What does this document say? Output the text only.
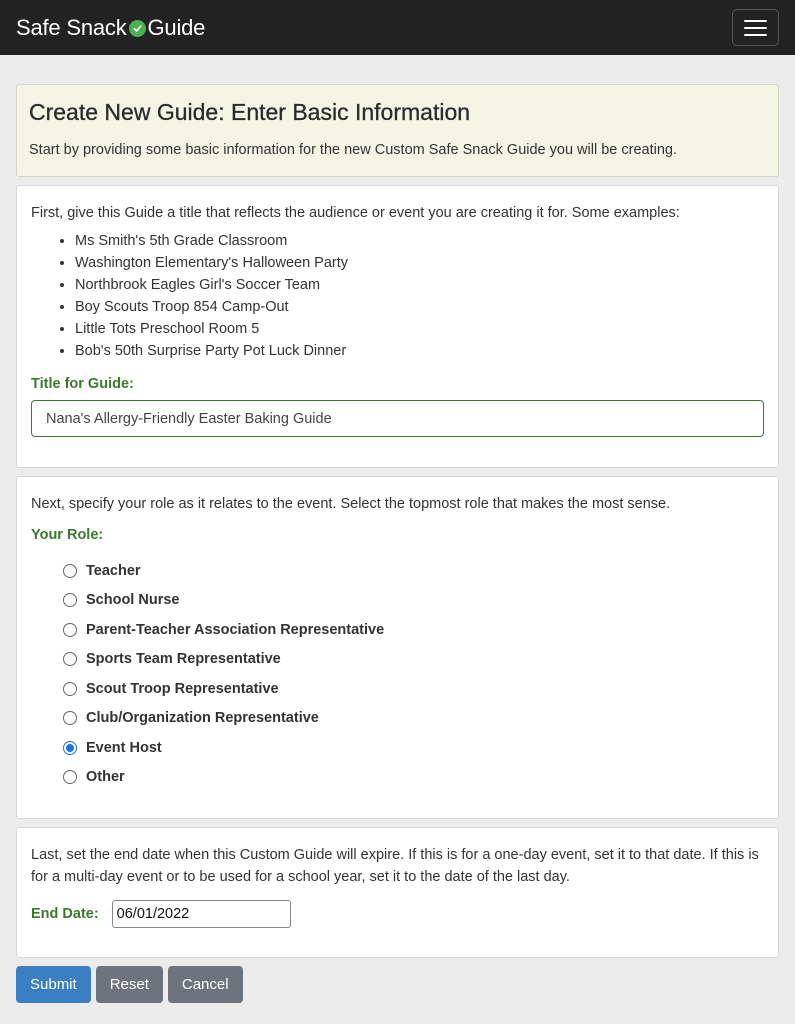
Safe Snack Guide
Create New Guide: Enter Basic Information

Start by providing some basic information for the new Custom Safe Snack Guide you will be creating.

First, give this Guide a title that reflects the audience or event you are creating it for. Some examples:

• Ms Smith's 5th Grade Classroom
• Washington Elementary's Halloween Party
• Northbrook Eagles Girl's Soccer Team
• Boy Scouts Troop 854 Camp-Out
• Little Tots Preschool Room 5
• Bob's 50th Surprise Party Pot Luck Dinner
Title for Guide:
Nana's Allergy-Friendly Easter Baking Guide

Next, specify your role as it relates to the event. Select the topmost role that makes the most sense.

Your Role:
Teacher
School Nurse
Parent-Teacher Association Representative
Sports Team Representative
Scout Troop Representative
Club/Organization Representative
Event Host
Other

Last, set the end date when this Custom Guide will expire. If this is for a one-day event, set it to that date. If this is for a multi-day event or to be used for a school year, set it to the date of the last day.

End Date:
06/01/2022
Submit	Reset	Cancel
